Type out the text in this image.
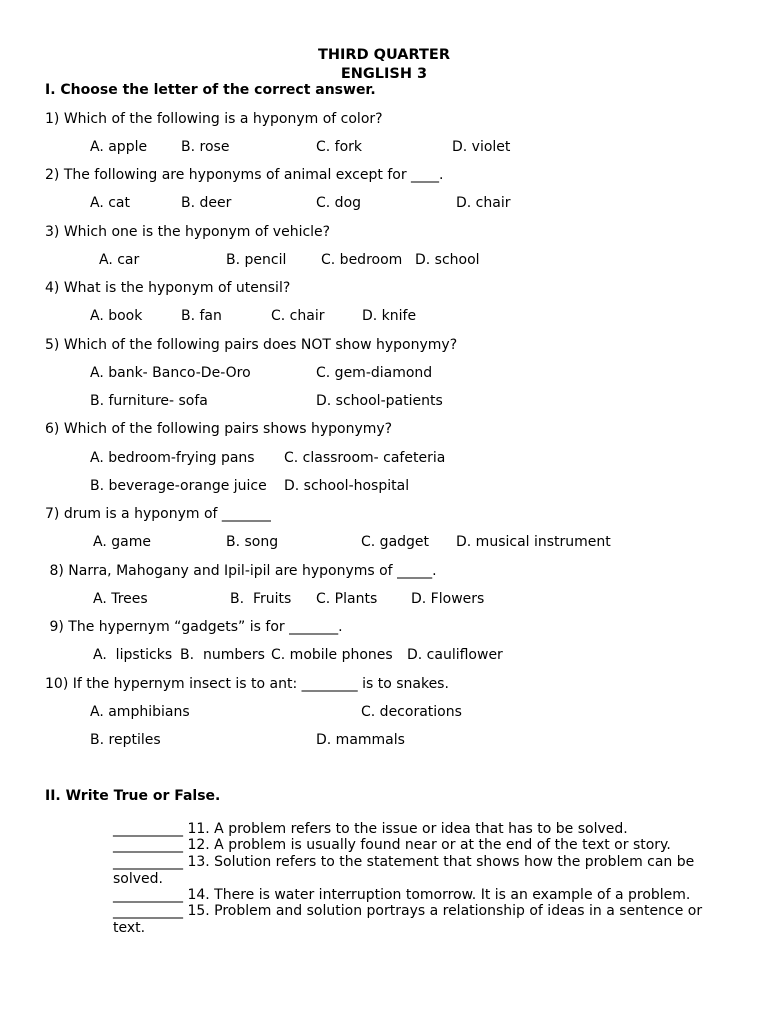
THIRD QUARTER
ENGLISH 3
I. Choose the letter of the correct answer.
1) Which of the following is a hyponym of color?
A. apple B. rose	C. fork	D. violet
2) The following are hyponyms of animal except for ____.
A. cat	B. deer	C. dog	D. chair
3) Which one is the hyponym of vehicle?
A. car	B. pencil C. bedroom D. school
4) What is the hyponym of utensil?
A. book	B. fan	C. chair	D. knife
5) Which of the following pairs does NOT show hyponymy?
A. bank- Banco-De-Oro	C. gem-diamond
B. furniture- sofa	D. school-patients
6) Which of the following pairs shows hyponymy?
A. bedroom-frying pans C. classroom- cafeteria
B. beverage-orange juice D. school-hospital
7) drum is a hyponym of _______
A. game	B. song	C. gadget D. musical instrument
8) Narra, Mahogany and Ipil-ipil are hyponyms of _____.
A. Trees	B.  Fruits C. Plants D. Flowers
9) The hypernym “gadgets” is for _______.
A.  lipsticks B.  numbers C. mobile phones D. cauliflower
10) If the hypernym insect is to ant: ________ is to snakes.
A. amphibians	C. decorations
B. reptiles	D. mammals
II. Write True or False.
__________ 11. A problem refers to the issue or idea that has to be solved.
__________ 12. A problem is usually found near or at the end of the text or story.
__________ 13. Solution refers to the statement that shows how the problem can be solved.
__________ 14. There is water interruption tomorrow. It is an example of a problem.
__________ 15. Problem and solution portrays a relationship of ideas in a sentence or text.
